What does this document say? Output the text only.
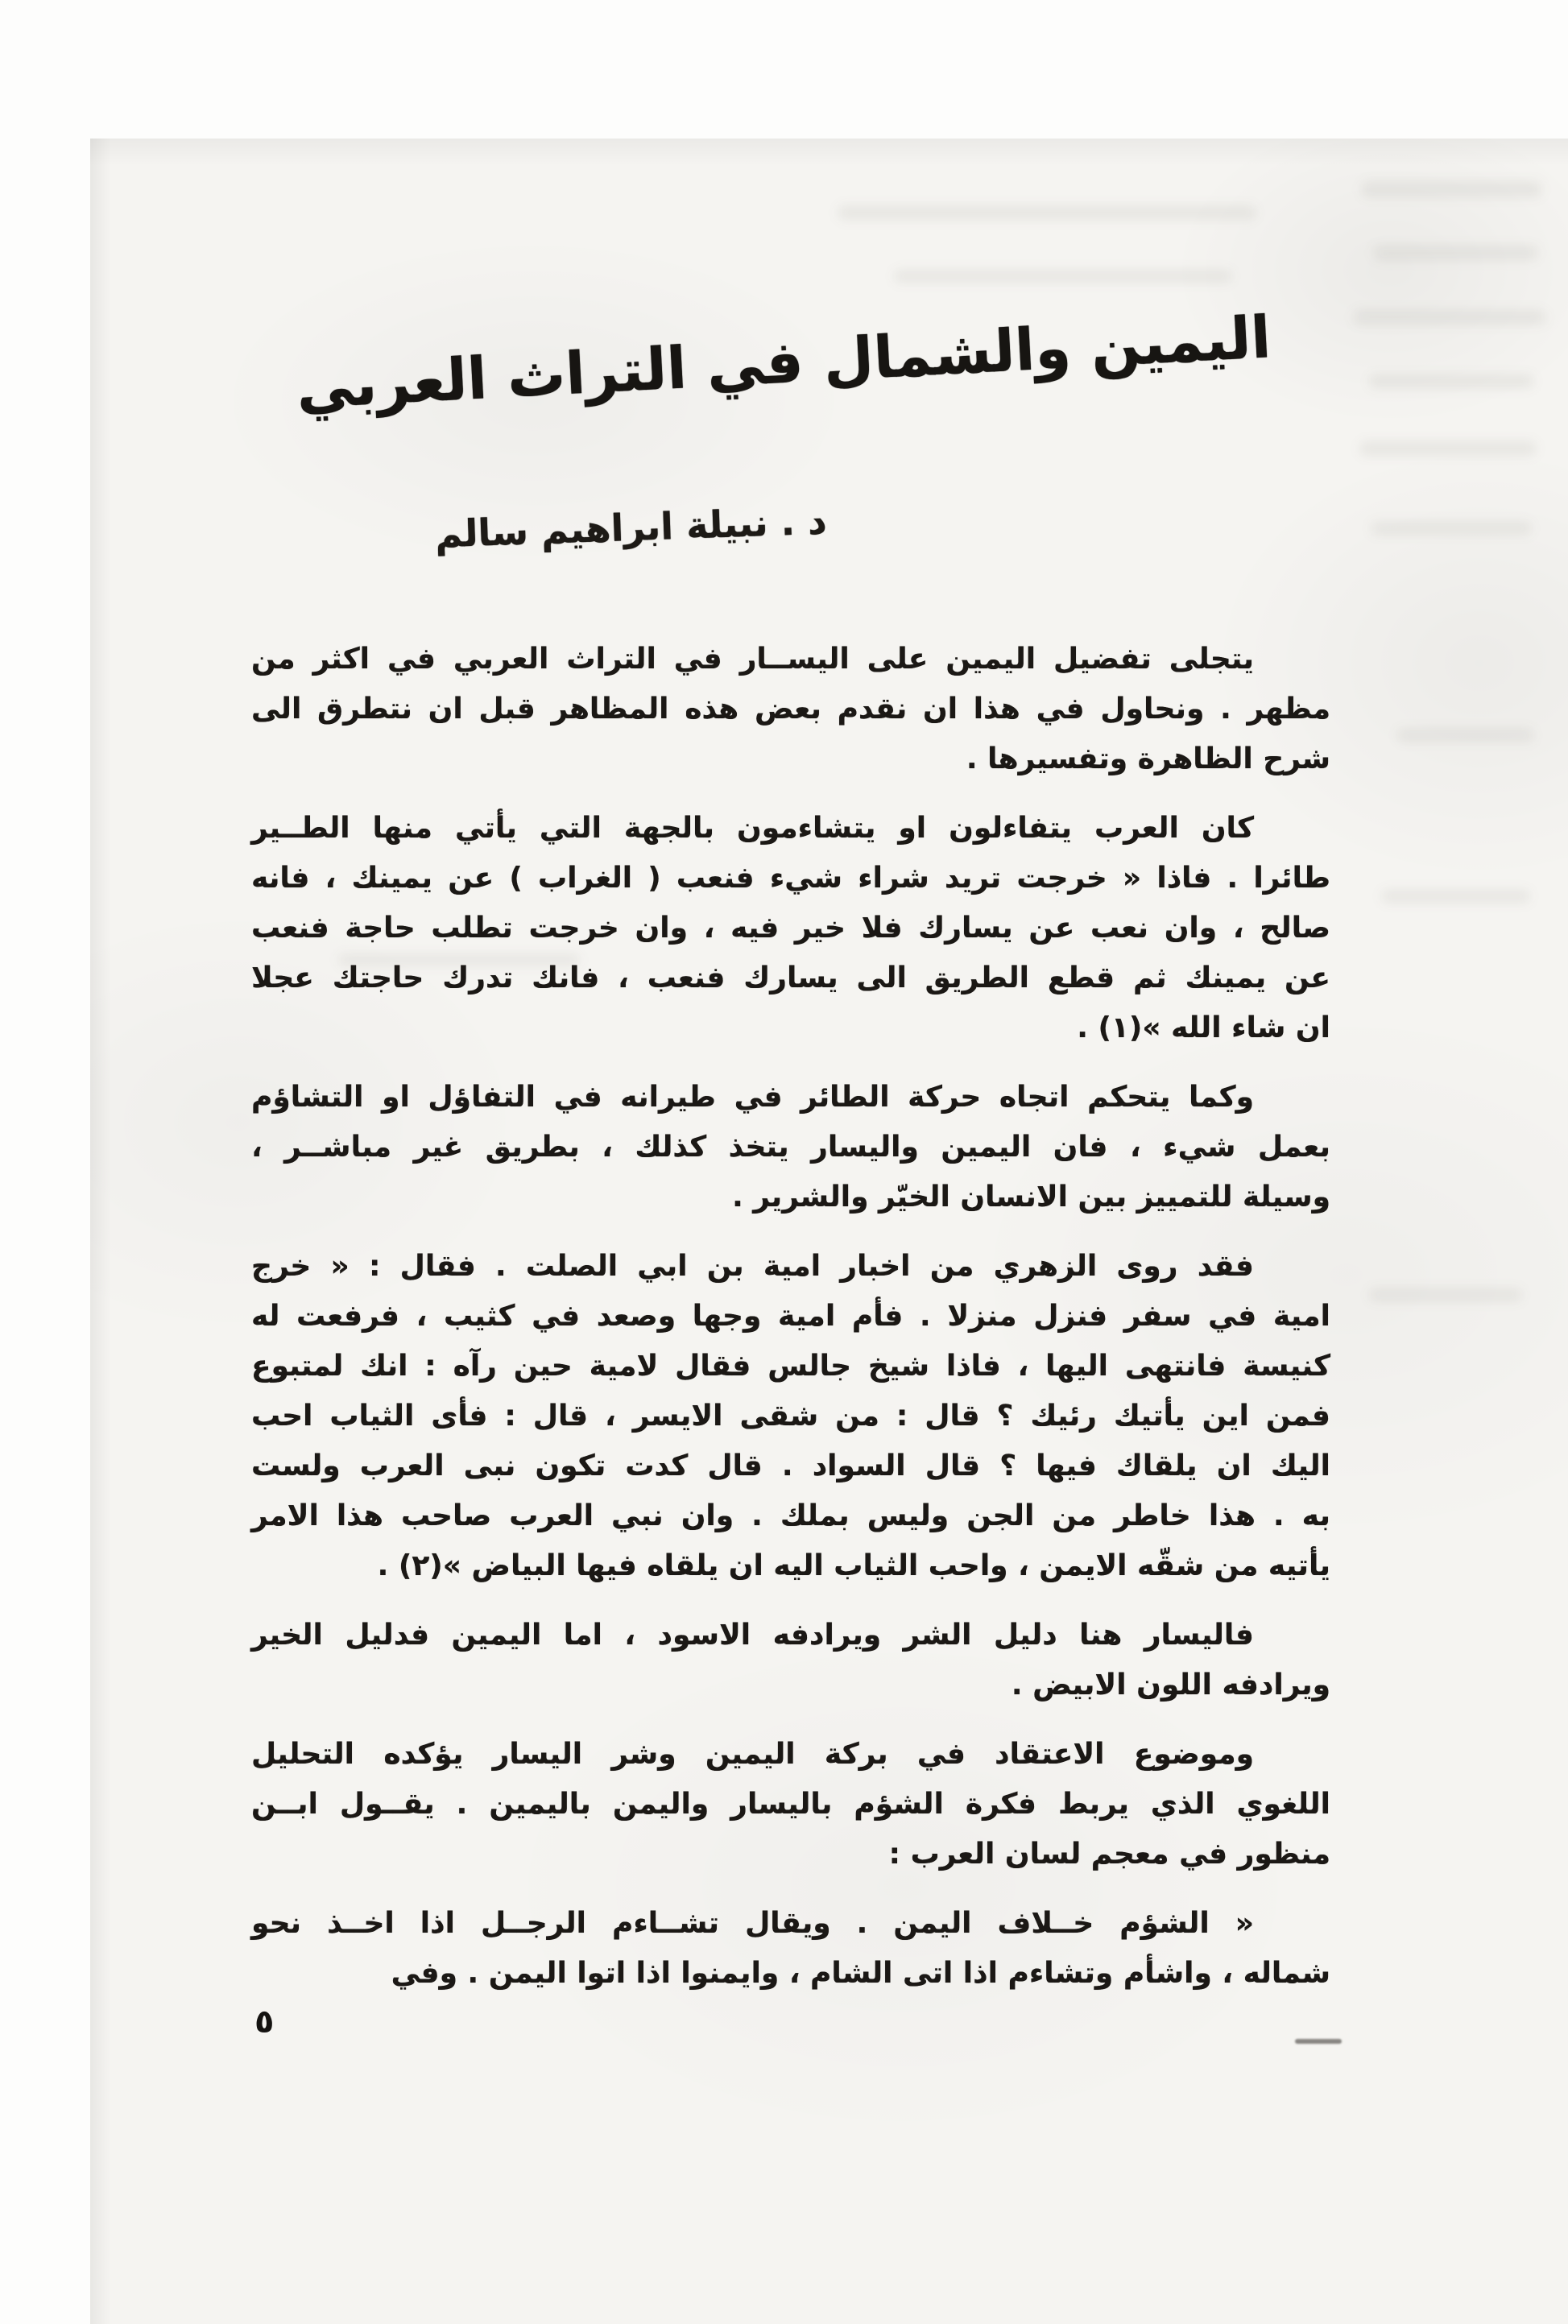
اليمين والشمال في التراث العربي
د . نبيلة ابراهيم سالم
يتجلى تفضيل اليمين على اليســار في التراث العربي في اكثر من
مظهر . ونحاول في هذا ان نقدم بعض هذه المظاهر قبل ان نتطرق الى
شرح الظاهرة وتفسيرها .
كان العرب يتفاءلون او يتشاءمون بالجهة التي يأتي منها الطــير
طائرا . فاذا « خرجت تريد شراء شيء فنعب ( الغراب ) عن يمينك ، فانه
صالح ، وان نعب عن يسارك فلا خير فيه ، وان خرجت تطلب حاجة فنعب
عن يمينك ثم قطع الطريق الى يسارك فنعب ، فانك تدرك حاجتك عجلا
ان شاء الله »(١) .
وكما يتحكم اتجاه حركة الطائر في طيرانه في التفاؤل او التشاؤم
بعمل شيء ، فان اليمين واليسار يتخذ كذلك ، بطريق غير مباشــر ،
وسيلة للتمييز بين الانسان الخيّر والشرير .
فقد روى الزهري من اخبار امية بن ابي الصلت . فقال : « خرج
امية في سفر فنزل منزلا . فأم امية وجها وصعد في كثيب ، فرفعت له
كنيسة فانتهى اليها ، فاذا شيخ جالس فقال لامية حين رآه : انك لمتبوع
فمن اين يأتيك رئيك ؟ قال : من شقى الايسر ، قال : فأى الثياب احب
اليك ان يلقاك فيها ؟ قال السواد . قال كدت تكون نبى العرب ولست
به . هذا خاطر من الجن وليس بملك . وان نبي العرب صاحب هذا الامر
يأتيه من شقّه الايمن ، واحب الثياب اليه ان يلقاه فيها البياض »(٢) .
فاليسار هنا دليل الشر ويرادفه الاسود ، اما اليمين فدليل الخير
ويرادفه اللون الابيض .
وموضوع الاعتقاد في بركة اليمين وشر اليسار يؤكده التحليل
اللغوي الذي يربط فكرة الشؤم باليسار واليمن باليمين . يقــول ابــن
منظور في معجم لسان العرب :
« الشؤم خــلاف اليمن . ويقال تشــاءم الرجــل اذا اخــذ نحو
شماله ، واشأم وتشاءم اذا اتى الشام ، وايمنوا اذا اتوا اليمن . وفي
٥
